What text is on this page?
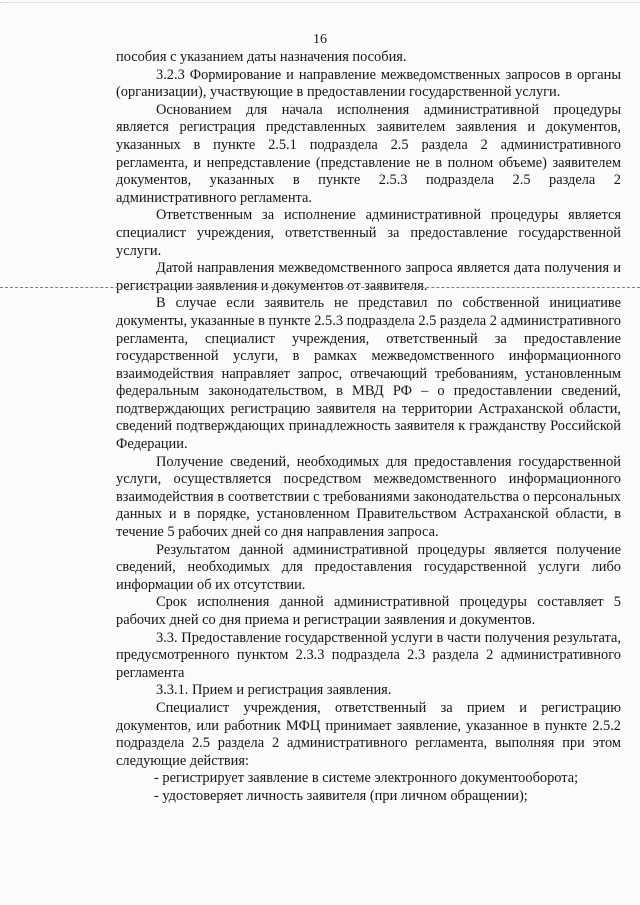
16

пособия с указанием даты назначения пособия.

3.2.3 Формирование и направление межведомственных запросов в органы (организации), участвующие в предоставлении государственной услуги.

Основанием для начала исполнения административной процедуры является регистрация представленных заявителем заявления и документов, указанных в пункте 2.5.1 подраздела 2.5 раздела 2 административного регламента, и непредставление (представление не в полном объеме) заявителем документов, указанных в пункте 2.5.3 подраздела 2.5 раздела 2 административного регламента.

Ответственным за исполнение административной процедуры является специалист учреждения, ответственный за предоставление государственной услуги.

Датой направления межведомственного запроса является дата получения и регистрации заявления и документов от заявителя.

В случае если заявитель не представил по собственной инициативе документы, указанные в пункте 2.5.3 подраздела 2.5 раздела 2 административного регламента, специалист учреждения, ответственный за предоставление государственной услуги, в рамках межведомственного информационного взаимодействия направляет запрос, отвечающий требованиям, установленным федеральным законодательством, в МВД РФ – о предоставлении сведений, подтверждающих регистрацию заявителя на территории Астраханской области, сведений подтверждающих принадлежность заявителя к гражданству Российской Федерации.

Получение сведений, необходимых для предоставления государственной услуги, осуществляется посредством межведомственного информационного взаимодействия в соответствии с требованиями законодательства о персональных данных и в порядке, установленном Правительством Астраханской области, в течение 5 рабочих дней со дня направления запроса.

Результатом данной административной процедуры является получение сведений, необходимых для предоставления государственной услуги либо информации об их отсутствии.

Срок исполнения данной административной процедуры составляет 5 рабочих дней со дня приема и регистрации заявления и документов.

3.3. Предоставление государственной услуги в части получения результата, предусмотренного пунктом 2.3.3 подраздела 2.3 раздела 2 административного регламента

3.3.1. Прием и регистрация заявления.

Специалист учреждения, ответственный за прием и регистрацию документов, или работник МФЦ принимает заявление, указанное в пункте 2.5.2 подраздела 2.5 раздела 2 административного регламента, выполняя при этом следующие действия:

- регистрирует заявление в системе электронного документооборота;

- удостоверяет личность заявителя (при личном обращении);
